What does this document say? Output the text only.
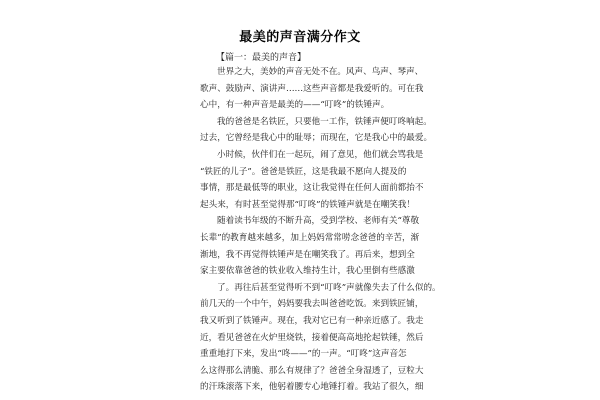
最美的声音满分作文
【篇一：最美的声音】
世界之大，美妙的声音无处不在。风声、鸟声、琴声、
歌声、鼓励声、演讲声……这些声音都是我爱听的。可在我
心中，有一种声音是最美的——“叮咚”的铁锤声。
我的爸爸是名铁匠，只要他一工作，铁锤声便叮咚响起。
过去，它曾经是我心中的耻辱；而现在，它是我心中的最爱。
小时候，伙伴们在一起玩，闹了意见，他们就会骂我是
“铁匠的儿子”。爸爸是铁匠，这是我最不愿向人提及的
事情，那是最低等的职业，这让我觉得在任何人面前都抬不
起头来，有时甚至觉得那“叮咚”的铁锤声就是在嘲笑我！
随着读书年级的不断升高，受到学校、老师有关“尊敬
长辈”的教育越来越多，加上妈妈常常唠念爸爸的辛苦，渐
渐地，我不再觉得铁锤声是在嘲笑我了。再后来，想到全
家主要依靠爸爸的铁业收入维持生计，我心里倒有些感激
了。再往后甚至觉得听不到“叮咚”声就像失去了什么似的。
前几天的一个中午，妈妈要我去叫爸爸吃饭。来到铁匠铺，
我又听到了铁锤声。现在，我对它已有一种亲近感了。我走
近，看见爸爸在火炉里烧铁，接着便高高地抡起铁锤，然后
重重地打下来，发出“咚——”的一声。“叮咚”这声音怎
么这得那么清脆、那么有规律了？爸爸全身湿透了，豆粒大
的汗珠滚落下来，他躬着腰专心地锤打着。我站了很久，细
